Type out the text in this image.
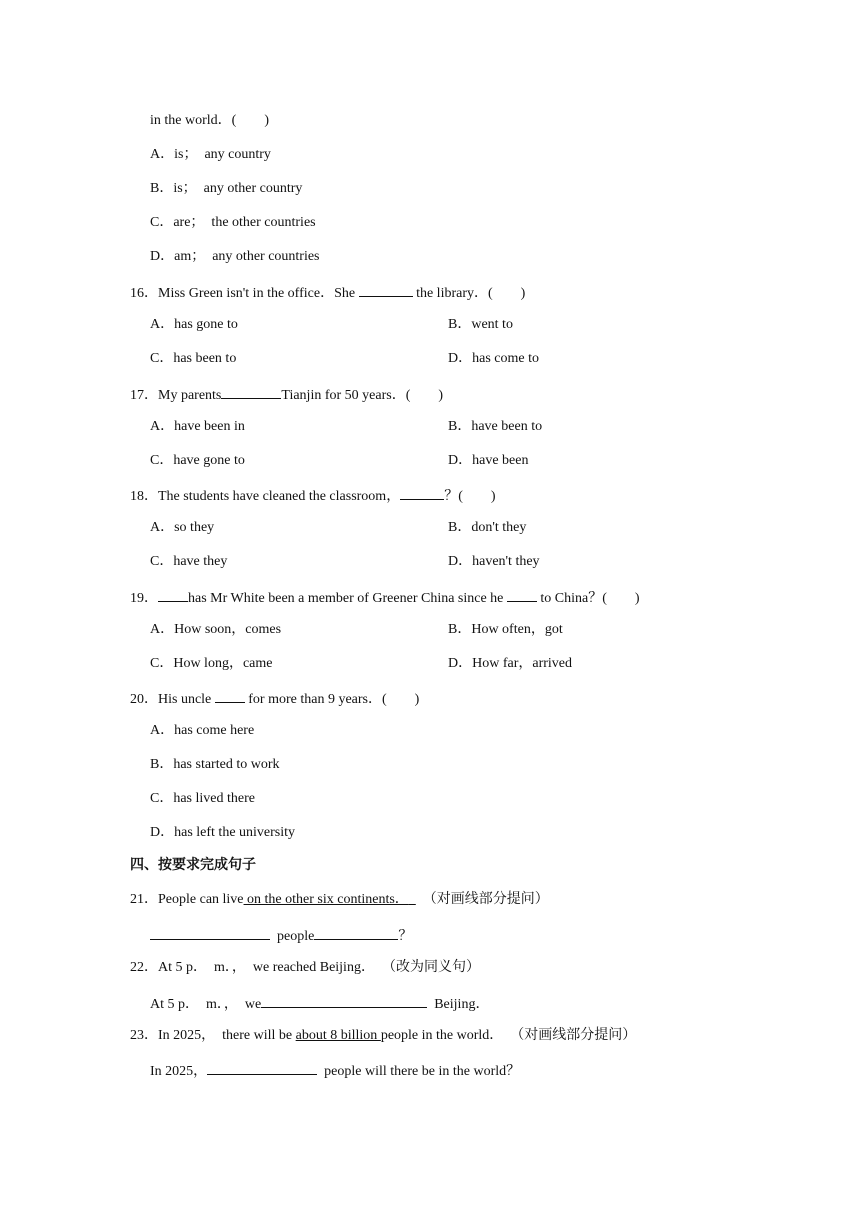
in the world．(　　)
A．is；　any country
B．is；　any other country
C．are；　the other countries
D．am；　any other countries
16．Miss Green isn't in the office．She	the library．(　　)
A．has gone to	B．went to
C．has been to	D．has come to
17．My parents	Tianjin for 50 years．(　　)
A．have been in	B．have been to
C．have gone to	D．have been
18．The students have cleaned the classroom，	？(　　)
A．so they	B．don't they
C．have they	D．haven't they
19． has Mr White been a member of Greener China since he  to China？(　　)
A．How soon，comes	B．How often，got
C．How long，came	D．How far，arrived
20．His uncle  for more than 9 years．(　　)
A．has come here
B．has started to work
C．has lived there
D．has left the university
四、按要求完成句子
21．People can live on the other six continents．    （对画线部分提问）
people	？
22．At 5 p．  m．，  we reached Beijing．  （改为同义句）
At 5 p．  m．，  we	Beijing．
23．In 2025，  there will be about 8 billion people in the world．  （对画线部分提问）
In 2025，	people will there be in the world？
